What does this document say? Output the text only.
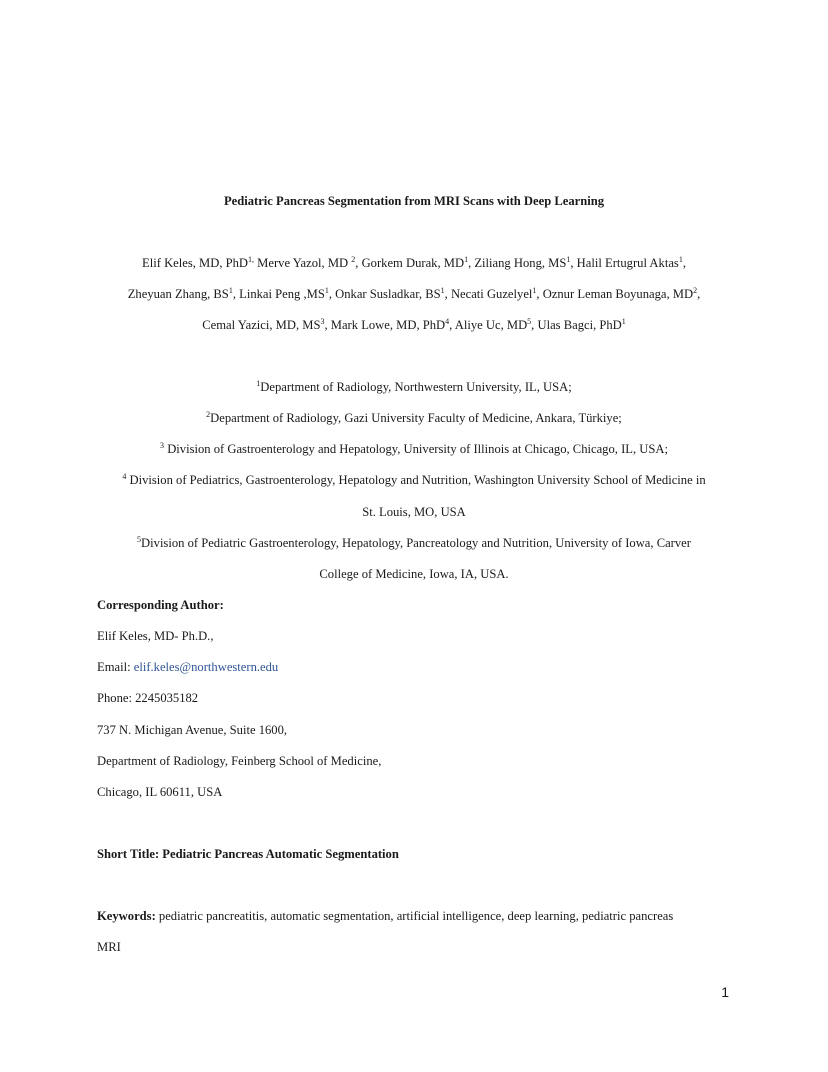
Pediatric Pancreas Segmentation from MRI Scans with Deep Learning
Elif Keles, MD, PhD$^{1,}$ Merve Yazol, MD $^2$, Gorkem Durak, $MD^1$, Ziliang Hong, $MS^1$, Halil Ertugrul Aktas$^1$,
Zheyuan Zhang, $BS^1$, Linkai Peng $,MS^1$, Onkar Susladkar, $BS^1$, Necati Guzelyel$^1$, Oznur Leman Boyunaga, $MD^2$,
Cemal Yazici, MD, $MS^3$, Mark Lowe, MD, PhD$^4$, Aliye Uc, $MD^5$, Ulas Bagci, PhD$^1$
$^1$Department of Radiology, Northwestern University, IL, USA;
$^2$Department of Radiology, Gazi University Faculty of Medicine, Ankara, Türkiye;
$^3$ Division of Gastroenterology and Hepatology, University of Illinois at Chicago, Chicago, IL, USA;
$^4$ Division of Pediatrics, Gastroenterology, Hepatology and Nutrition, Washington University School of Medicine in
St. Louis, MO, USA
$^5$Division of Pediatric Gastroenterology, Hepatology, Pancreatology and Nutrition, University of Iowa, Carver
College of Medicine, Iowa, IA, USA.
Corresponding Author:
Elif Keles, MD- Ph.D.,
Email: elif.keles@northwestern.edu
Phone: 2245035182
737 N. Michigan Avenue, Suite 1600,
Department of Radiology, Feinberg School of Medicine,
Chicago, IL 60611, USA
Short Title: Pediatric Pancreas Automatic Segmentation
Keywords: pediatric pancreatitis, automatic segmentation, artificial intelligence, deep learning, pediatric pancreas
MRI
1
